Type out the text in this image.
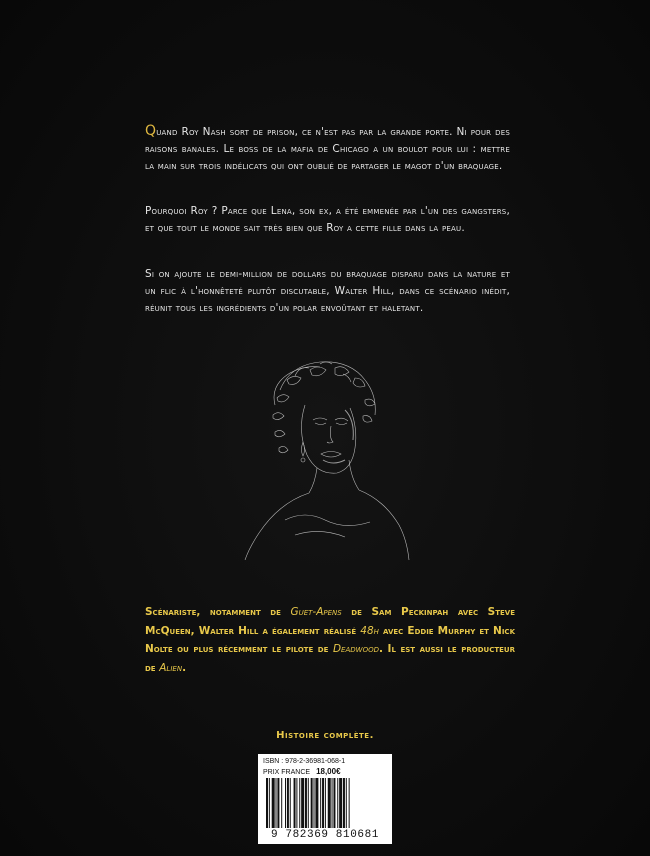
Quand Roy Nash sort de prison, ce n'est pas par la grande porte. Ni pour des raisons banales. Le boss de la mafia de Chicago a un boulot pour lui : mettre la main sur trois indélicats qui ont oublié de partager le magot d'un braquage.
Pourquoi Roy ? Parce que Lena, son ex, a été emmenée par l'un des gangsters, et que tout le monde sait très bien que Roy a cette fille dans la peau.
Si on ajoute le demi-million de dollars du braquage disparu dans la nature et un flic à l'honnêteté plutôt discutable, Walter Hill, dans ce scénario inédit, réunit tous les ingrédients d'un polar envoûtant et haletant.
Scénariste, notamment de Guet-Apens de Sam Peckinpah avec Steve McQueen, Walter Hill a également réalisé 48h avec Eddie Murphy et Nick Nolte ou plus récemment le pilote de Deadwood. Il est aussi le producteur de Alien.
Histoire complète.
ISBN : 978-2-36981-068-1
PRIX FRANCE 18,00€
9 782369 810681
